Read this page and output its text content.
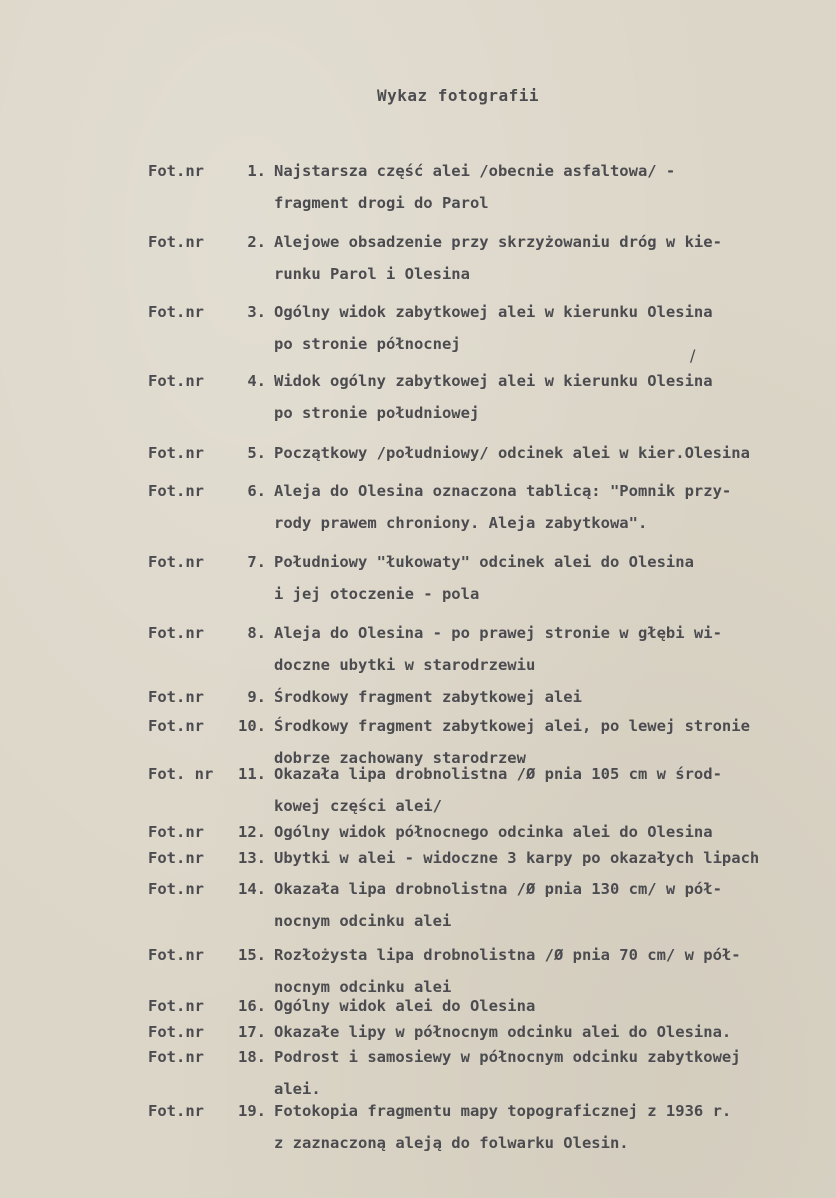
Wykaz fotografii
Fot.nr	1. Najstarsza część alei /obecnie asfaltowa/ -
fragment drogi do Parol
Fot.nr	2. Alejowe obsadzenie przy skrzyżowaniu dróg w kie-
runku Parol i Olesina
Fot.nr	3. Ogólny widok zabytkowej alei w kierunku Olesina
po stronie północnej
Fot.nr	4. Widok ogólny zabytkowej alei w kierunku Olesina
po stronie południowej
Fot.nr	5. Początkowy /południowy/ odcinek alei w kier.Olesina
Fot.nr	6. Aleja do Olesina oznaczona tablicą: "Pomnik przy-
rody prawem chroniony. Aleja zabytkowa".
Fot.nr	7. Południowy "łukowaty" odcinek alei do Olesina
i jej otoczenie - pola
Fot.nr	8. Aleja do Olesina - po prawej stronie w głębi wi-
doczne ubytki w starodrzewiu
Fot.nr	9. Środkowy fragment zabytkowej alei
Fot.nr 10. Środkowy fragment zabytkowej alei, po lewej stronie
dobrze zachowany starodrzew
Fot. nr 11. Okazała lipa drobnolistna /Ø pnia 105 cm w środ-
kowej części alei/
Fot.nr 12. Ogólny widok północnego odcinka alei do Olesina
Fot.nr 13. Ubytki w alei - widoczne 3 karpy po okazałych lipach
Fot.nr 14. Okazała lipa drobnolistna /Ø pnia 130 cm/ w pół-
nocnym odcinku alei
Fot.nr 15. Rozłożysta lipa drobnolistna /Ø pnia 70 cm/ w pół-
nocnym odcinku alei
Fot.nr 16. Ogólny widok alei do Olesina
Fot.nr 17. Okazałe lipy w północnym odcinku alei do Olesina.
Fot.nr 18. Podrost i samosiewy w północnym odcinku zabytkowej
alei.
Fot.nr 19. Fotokopia fragmentu mapy topograficznej z 1936 r.
z zaznaczoną aleją do folwarku Olesin.
/
